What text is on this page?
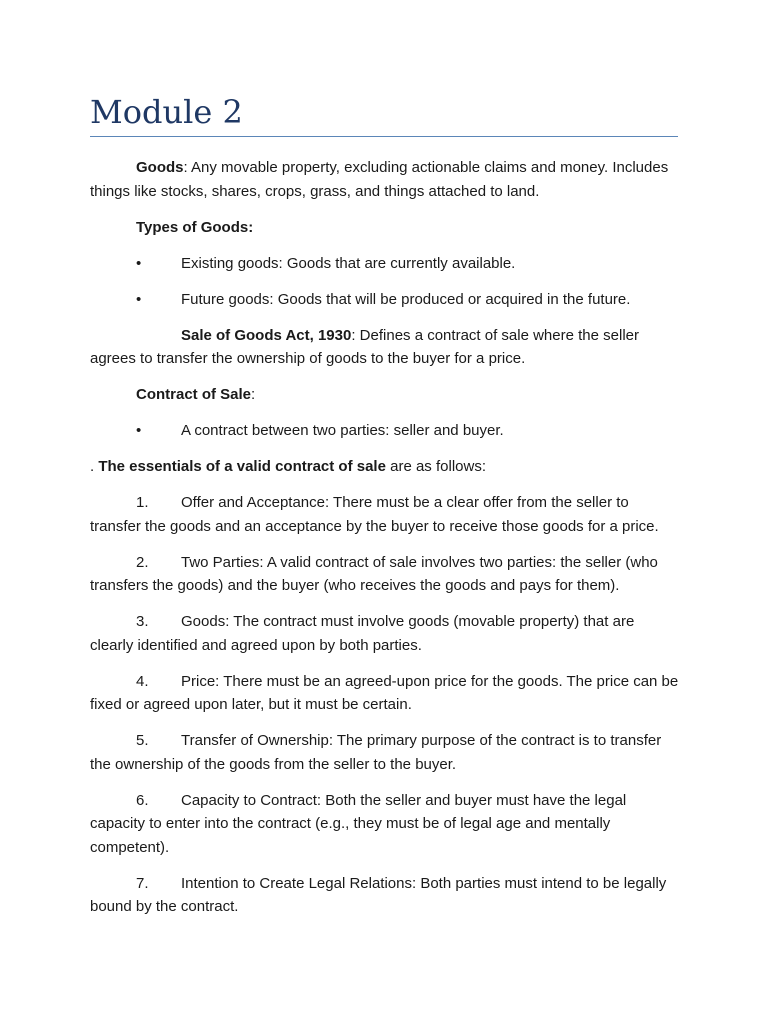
Module 2

Goods: Any movable property, excluding actionable claims and money. Includes things like stocks, shares, crops, grass, and things attached to land.

Types of Goods:

•	Existing goods: Goods that are currently available.

•	Future goods: Goods that will be produced or acquired in the future.

Sale of Goods Act, 1930: Defines a contract of sale where the seller agrees to transfer the ownership of goods to the buyer for a price.

Contract of Sale:

•	A contract between two parties: seller and buyer.

. The essentials of a valid contract of sale are as follows:

1. Offer and Acceptance: There must be a clear offer from the seller to transfer the goods and an acceptance by the buyer to receive those goods for a price.

2. Two Parties: A valid contract of sale involves two parties: the seller (who transfers the goods) and the buyer (who receives the goods and pays for them).

3. Goods: The contract must involve goods (movable property) that are clearly identified and agreed upon by both parties.

4. Price: There must be an agreed-upon price for the goods. The price can be fixed or agreed upon later, but it must be certain.

5. Transfer of Ownership: The primary purpose of the contract is to transfer the ownership of the goods from the seller to the buyer.

6. Capacity to Contract: Both the seller and buyer must have the legal capacity to enter into the contract (e.g., they must be of legal age and mentally competent).

7. Intention to Create Legal Relations: Both parties must intend to be legally bound by the contract.
